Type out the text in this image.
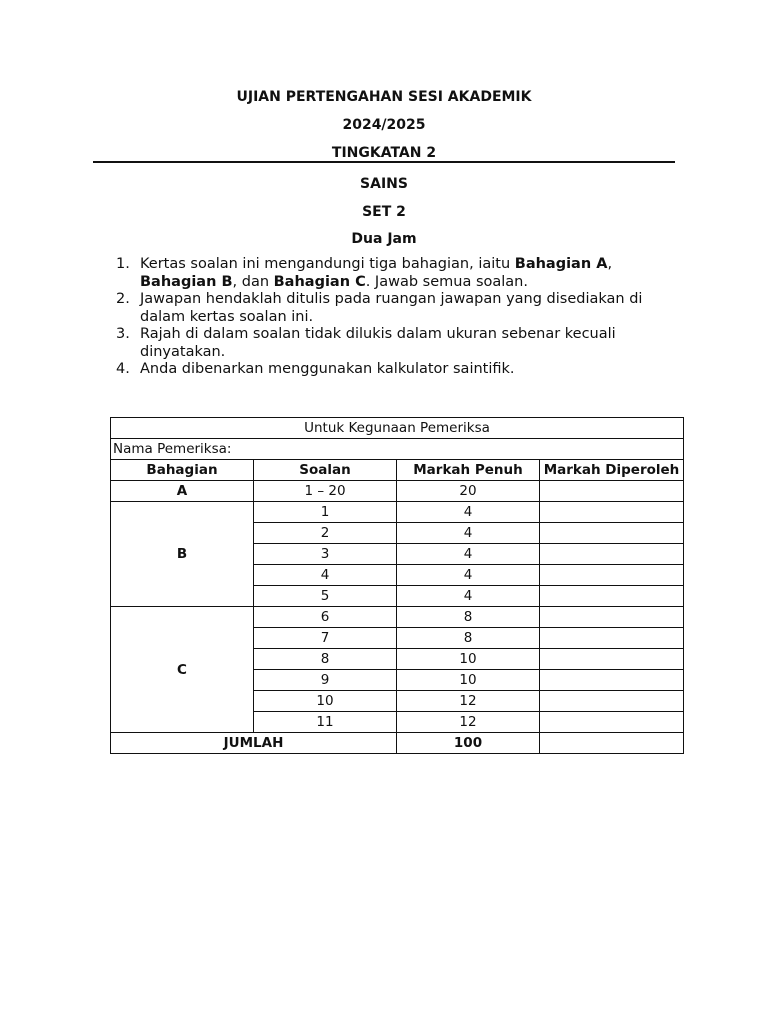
UJIAN PERTENGAHAN SESI AKADEMIK
2024/2025
TINGKATAN 2
SAINS
SET 2
Dua Jam
1. Kertas soalan ini mengandungi tiga bahagian, iaitu Bahagian A, Bahagian B, dan Bahagian C. Jawab semua soalan.
2. Jawapan hendaklah ditulis pada ruangan jawapan yang disediakan di dalam kertas soalan ini.
3. Rajah di dalam soalan tidak dilukis dalam ukuran sebenar kecuali dinyatakan.
4. Anda dibenarkan menggunakan kalkulator saintifik.
Untuk Kegunaan Pemeriksa			
Nama Pemeriksa:			
Bahagian	Soalan	Markah Penuh	Markah Diperoleh
A	1 – 20	20	
B	1	4	
	2	4	
	3	4	
	4	4	
	5	4	
C	6	8	
	7	8	
	8	10	
	9	10	
	10	12	
	11	12	
JUMLAH		100	
